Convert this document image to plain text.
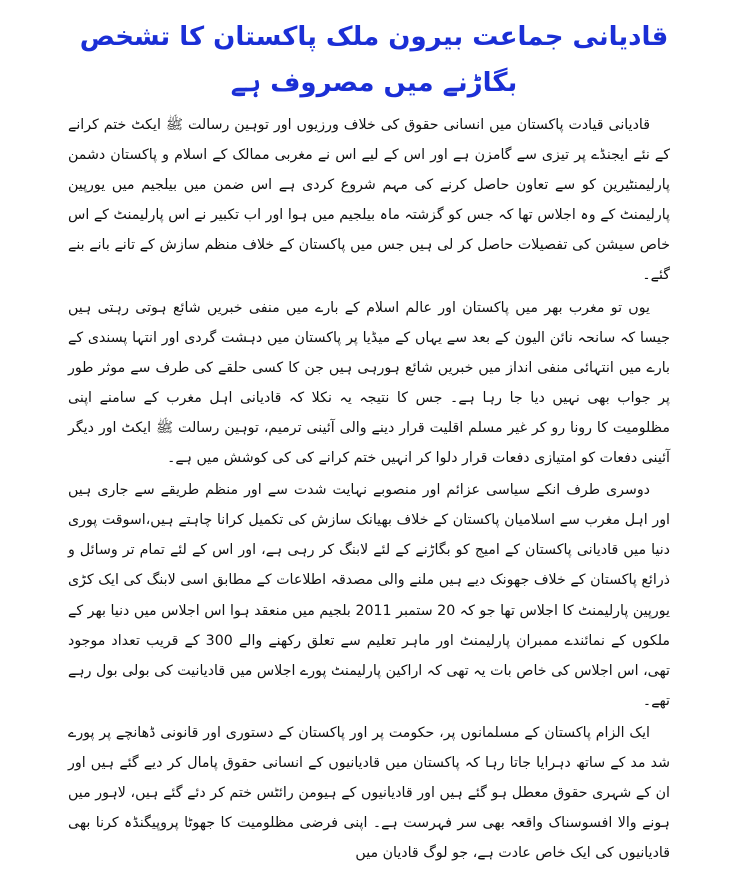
قادیانی جماعت بیرون ملک پاکستان کا تشخص
بگاڑنے میں مصروف ہے

قادیانی قیادت پاکستان میں انسانی حقوق کی خلاف ورزیوں اور توہین رسالت ﷺ ایکٹ ختم کرانے کے نئے ایجنڈے پر تیزی سے گامزن ہے اور اس کے لیے اس نے مغربی ممالک کے اسلام و پاکستان دشمن پارلیمنٹیرین کو سے تعاون حاصل کرنے کی مہم شروع کردی ہے اس ضمن میں بیلجیم میں یورپین پارلیمنٹ کے وہ اجلاس تھا کہ جس کو گزشتہ ماہ بیلجیم میں ہوا اور اب تکبیر نے اس پارلیمنٹ کے اس خاص سیشن کی تفصیلات حاصل کر لی ہیں جس میں پاکستان کے خلاف منظم سازش کے تانے بانے بنے گئے۔

یوں تو مغرب بھر میں پاکستان اور عالم اسلام کے بارے میں منفی خبریں شائع ہوتی رہتی ہیں جیسا کہ سانحہ نائن الیون کے بعد سے یہاں کے میڈیا پر پاکستان میں دہشت گردی اور انتہا پسندی کے بارے میں انتہائی منفی انداز میں خبریں شائع ہورہی ہیں جن کا کسی حلقے کی طرف سے موثر طور پر جواب بھی نہیں دیا جا رہا ہے۔ جس کا نتیجہ یہ نکلا کہ قادیانی اہل مغرب کے سامنے اپنی مظلومیت کا رونا رو کر غیر مسلم اقلیت قرار دینے والی آئینی ترمیم، توہین رسالت ﷺ ایکٹ اور دیگر آئینی دفعات کو امتیازی دفعات قرار دلوا کر انہیں ختم کرانے کی کی کوشش میں ہے۔

دوسری طرف انکے سیاسی عزائم اور منصوبے نہایت شدت سے اور منظم طریقے سے جاری ہیں اور اہل مغرب سے اسلامیان پاکستان کے خلاف بھیانک سازش کی تکمیل کرانا چاہتے ہیں،اسوقت پوری دنیا میں قادیانی پاکستان کے امیج کو بگاڑنے کے لئے لابنگ کر رہی ہے، اور اس کے لئے تمام تر وسائل و ذرائع پاکستان کے خلاف جھونک دیے ہیں ملنے والی مصدقہ اطلاعات کے مطابق اسی لابنگ کی ایک کڑی یورپین پارلیمنٹ کا اجلاس تھا جو کہ 20 ستمبر 2011 بلجیم میں منعقد ہوا اس اجلاس میں دنیا بھر کے ملکوں کے نمائندے ممبران پارلیمنٹ اور ماہر تعلیم سے تعلق رکھنے والے 300 کے قریب تعداد موجود تھی، اس اجلاس کی خاص بات یہ تھی کہ اراکین پارلیمنٹ پورے اجلاس میں قادیانیت کی بولی بول رہے تھے۔

ایک الزام پاکستان کے مسلمانوں پر، حکومت پر اور پاکستان کے دستوری اور قانونی ڈھانچے پر پورے شد مد کے ساتھ دہرایا جاتا رہا کہ پاکستان میں قادیانیوں کے انسانی حقوق پامال کر دیے گئے ہیں اور ان کے شہری حقوق معطل ہو گئے ہیں اور قادیانیوں کے ہیومن رائٹس ختم کر دئے گئے ہیں، لاہور میں ہونے والا افسوسناک واقعہ بھی سر فہرست ہے۔ اپنی فرضی مظلومیت کا جھوٹا پروپیگنڈہ کرنا بھی قادیانیوں کی ایک خاص عادت ہے، جو لوگ قادیان میں
